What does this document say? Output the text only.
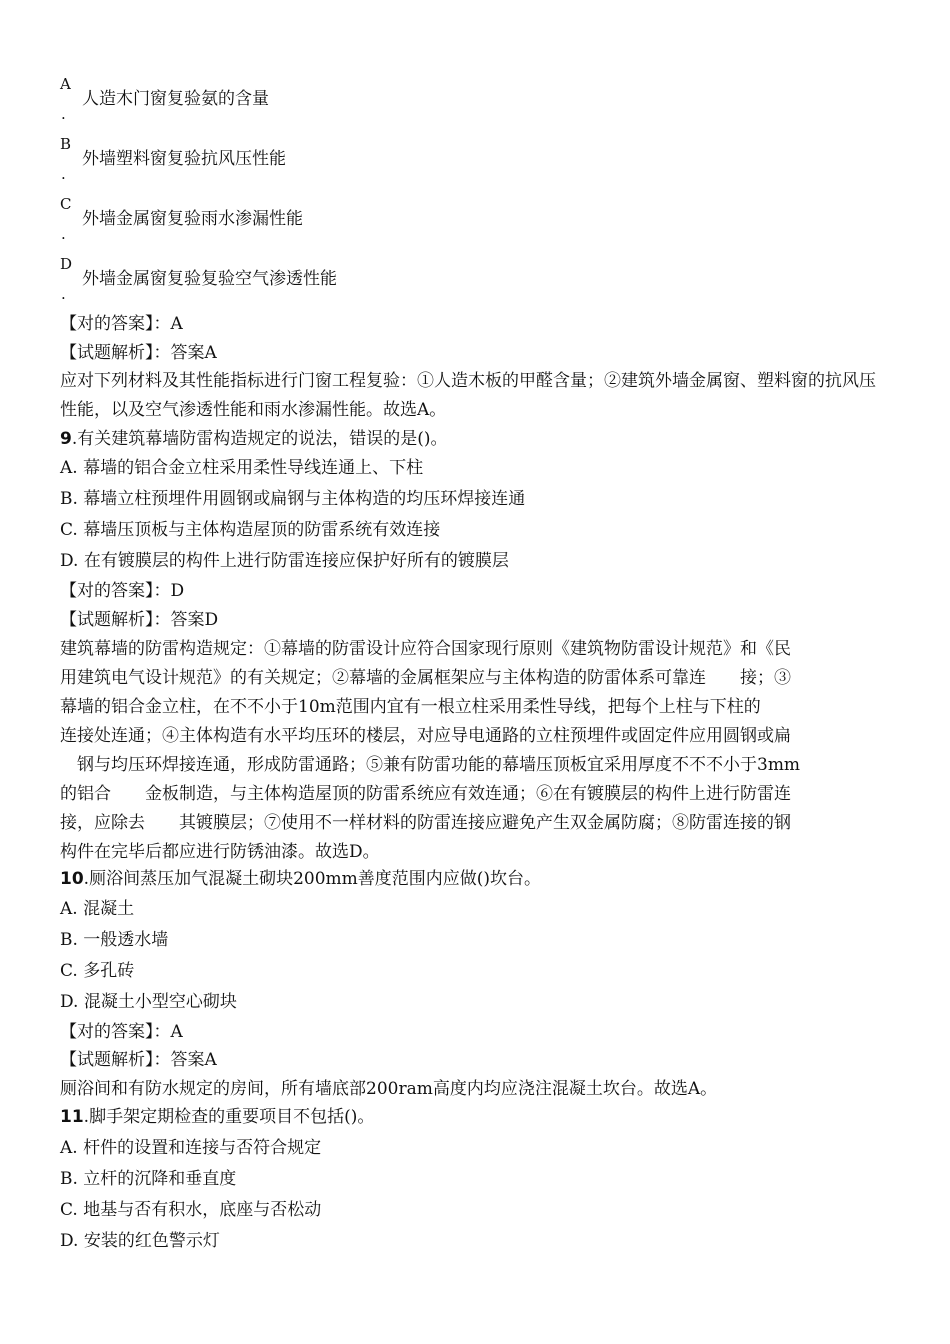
A
人造木门窗复验氨的含量
.
B
外墙塑料窗复验抗风压性能
.
C
外墙金属窗复验雨水渗漏性能
.
D
外墙金属窗复验复验空气渗透性能
.
【对的答案】：A
【试题解析】：答案A
应对下列材料及其性能指标进行门窗工程复验：①人造木板的甲醛含量；②建筑外墙金属窗、塑料窗的抗风压性能，以及空气渗透性能和雨水渗漏性能。故选A。
9.有关建筑幕墙防雷构造规定的说法，错误的是()。
A. 幕墙的铝合金立柱采用柔性导线连通上、下柱
B. 幕墙立柱预埋件用圆钢或扁钢与主体构造的均压环焊接连通
C. 幕墙压顶板与主体构造屋顶的防雷系统有效连接
D. 在有镀膜层的构件上进行防雷连接应保护好所有的镀膜层
【对的答案】：D
【试题解析】：答案D
建筑幕墙的防雷构造规定：①幕墙的防雷设计应符合国家现行原则《建筑物防雷设计规范》和《民
用建筑电气设计规范》的有关规定；②幕墙的金属框架应与主体构造的防雷体系可靠连　　接；③
幕墙的铝合金立柱，在不不小于10m范围内宜有一根立柱采用柔性导线，把每个上柱与下柱的
连接处连通；④主体构造有水平均压环的楼层，对应导电通路的立柱预埋件或固定件应用圆钢或扁
　钢与均压环焊接连通，形成防雷通路；⑤兼有防雷功能的幕墙压顶板宜采用厚度不不不小于3mm
的铝合　　金板制造，与主体构造屋顶的防雷系统应有效连通；⑥在有镀膜层的构件上进行防雷连
接，应除去　　其镀膜层；⑦使用不一样材料的防雷连接应避免产生双金属防腐；⑧防雷连接的钢
构件在完毕后都应进行防锈油漆。故选D。
10.厕浴间蒸压加气混凝土砌块200mm善度范围内应做()坎台。
A. 混凝土
B. 一般透水墙
C. 多孔砖
D. 混凝土小型空心砌块
【对的答案】：A
【试题解析】：答案A
厕浴间和有防水规定的房间，所有墙底部200ram高度内均应浇注混凝土坎台。故选A。
11.脚手架定期检查的重要项目不包括()。
A. 杆件的设置和连接与否符合规定
B. 立杆的沉降和垂直度
C. 地基与否有积水，底座与否松动
D. 安装的红色警示灯
